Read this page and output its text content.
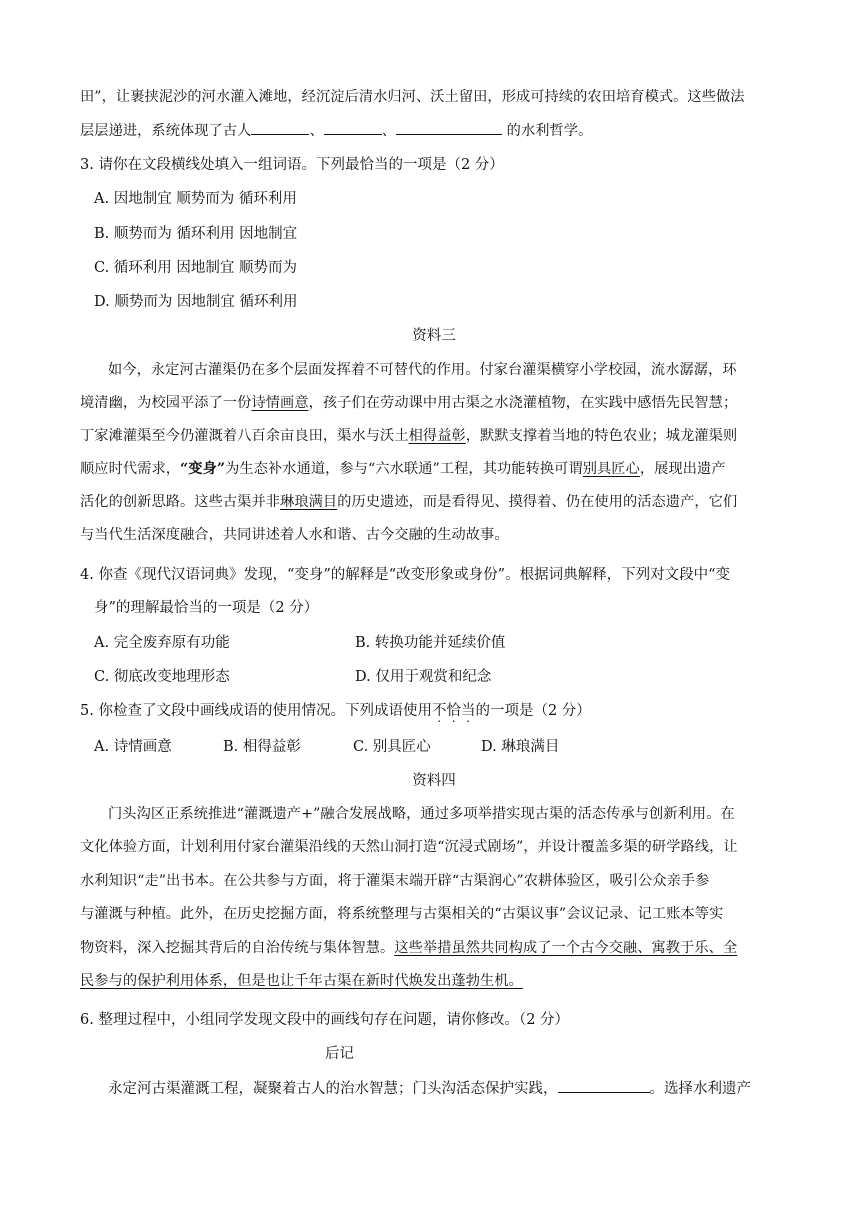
田”，让裹挟泥沙的河水灌入滩地，经沉淀后清水归河、沃土留田，形成可持续的农田培育模式。这些做法
层层递进，系统体现了古人	、	、	的水利哲学。
3. 请你在文段横线处填入一组词语。下列最恰当的一项是（2 分）
A. 因地制宜 顺势而为 循环利用
B. 顺势而为 循环利用 因地制宜
C. 循环利用 因地制宜 顺势而为
D. 顺势而为 因地制宜 循环利用
资料三
如今，永定河古灌渠仍在多个层面发挥着不可替代的作用。付家台灌渠横穿小学校园，流水潺潺，环
境清幽，为校园平添了一份诗情画意，孩子们在劳动课中用古渠之水浇灌植物，在实践中感悟先民智慧；
丁家滩灌渠至今仍灌溉着八百余亩良田，渠水与沃土相得益彰，默默支撑着当地的特色农业；城龙灌渠则
顺应时代需求，“变身”为生态补水通道，参与“六水联通”工程，其功能转换可谓别具匠心，展现出遗产
活化的创新思路。这些古渠并非琳琅满目的历史遗迹，而是看得见、摸得着、仍在使用的活态遗产，它们
与当代生活深度融合，共同讲述着人水和谐、古今交融的生动故事。
4. 你查《现代汉语词典》发现，“变身”的解释是“改变形象或身份”。根据词典解释，下列对文段中“变
身”的理解最恰当的一项是（2 分）
A. 完全废弃原有功能	B. 转换功能并延续价值
C. 彻底改变地理形态	D. 仅用于观赏和纪念
5. 你检查了文段中画线成语的使用情况。下列成语使用不恰当的一项是（2 分）
A. 诗情画意	B. 相得益彰	C. 别具匠心	D. 琳琅满目
资料四
门头沟区正系统推进“灌溉遗产+”融合发展战略，通过多项举措实现古渠的活态传承与创新利用。在
文化体验方面，计划利用付家台灌渠沿线的天然山洞打造“沉浸式剧场”，并设计覆盖多渠的研学路线，让
水利知识“走”出书本。在公共参与方面，将于灌渠末端开辟“古渠润心”农耕体验区，吸引公众亲手参
与灌溉与种植。此外，在历史挖掘方面，将系统整理与古渠相关的“古渠议事”会议记录、记工账本等实
物资料，深入挖掘其背后的自治传统与集体智慧。这些举措虽然共同构成了一个古今交融、寓教于乐、全
民参与的保护利用体系，但是也让千年古渠在新时代焕发出蓬勃生机。
6. 整理过程中，小组同学发现文段中的画线句存在问题，请你修改。（2 分）
后记
永定河古渠灌溉工程，凝聚着古人的治水智慧；门头沟活态保护实践，	。选择水利遗产
